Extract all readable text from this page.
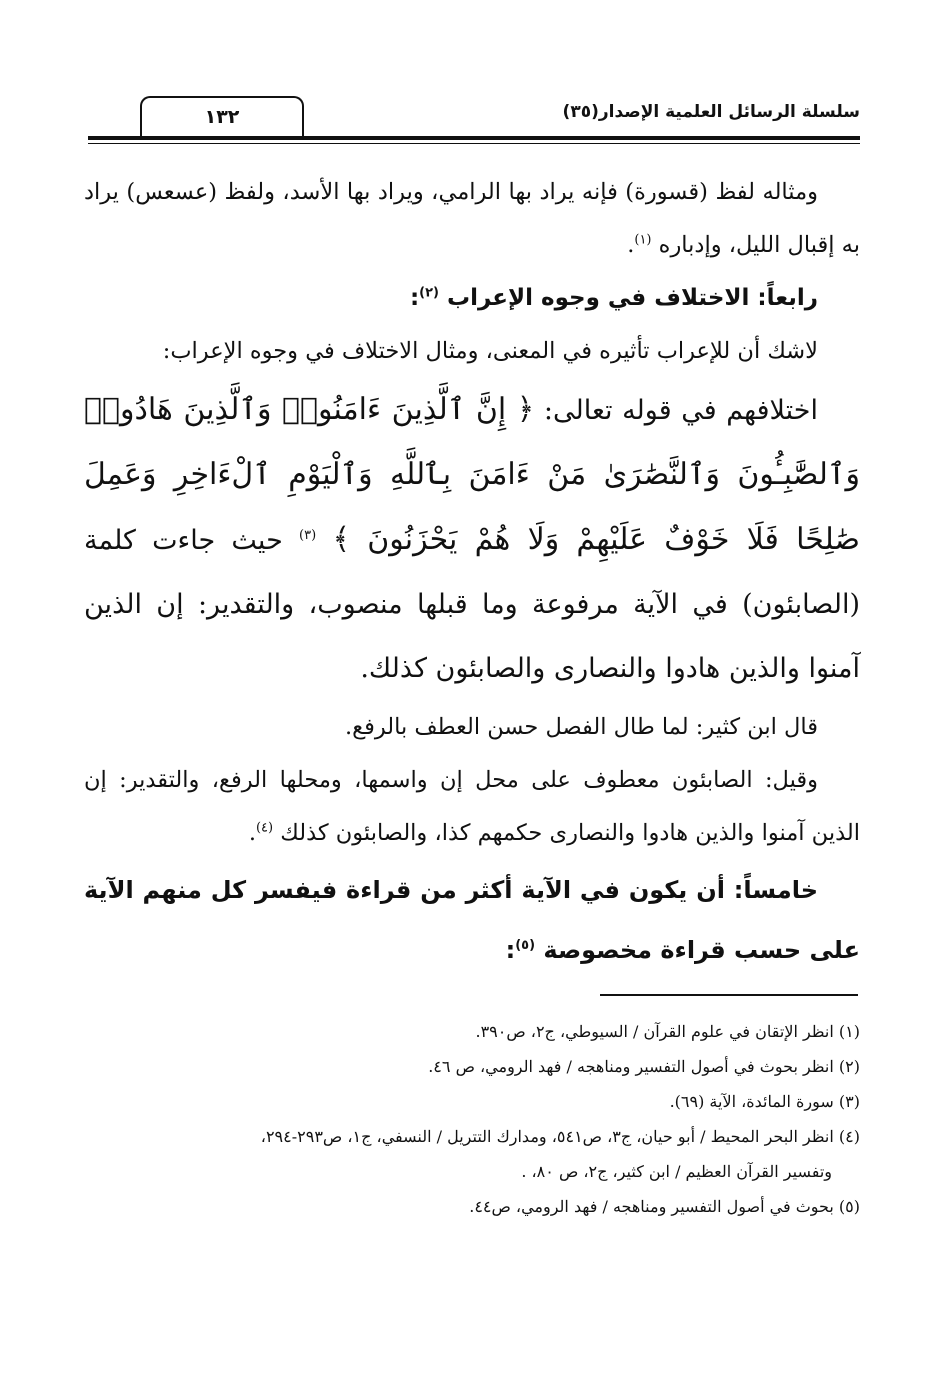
سلسلة الرسائل العلمية الإصدار(٣٥)
١٣٢

ومثاله لفظ (قسورة) فإنه يراد بها الرامي، ويراد بها الأسد، ولفظ (عسعس) يراد به إقبال الليل، وإدباره $^{(١)}$.

رابعاً: الاختلاف في وجوه الإعراب $^{(٢)}$:

لاشك أن للإعراب تأثيره في المعنى، ومثال الاختلاف في وجوه الإعراب:

اختلافهم في قوله تعالى: ﴿ إِنَّ ٱلَّذِينَ ءَامَنُوا۟ وَٱلَّذِينَ هَادُوا۟ وَٱلصَّٰبِـُٔونَ وَٱلنَّصَٰرَىٰ مَنْ ءَامَنَ بِٱللَّهِ وَٱلْيَوْمِ ٱلْءَاخِرِ وَعَمِلَ صَٰلِحًا فَلَا خَوْفٌ عَلَيْهِمْ وَلَا هُمْ يَحْزَنُونَ ﴾ $^{(٣)}$ حيث جاءت كلمة (الصابئون) في الآية مرفوعة وما قبلها منصوب، والتقدير: إن الذين آمنوا والذين هادوا والنصارى والصابئون كذلك.

قال ابن كثير: لما طال الفصل حسن العطف بالرفع.

وقيل: الصابئون معطوف على محل إن واسمها، ومحلها الرفع، والتقدير: إن الذين آمنوا والذين هادوا والنصارى حكمهم كذا، والصابئون كذلك $^{(٤)}$.

خامساً: أن يكون في الآية أكثر من قراءة فيفسر كل منهم الآية على حسب قراءة مخصوصة $^{(٥)}$:

(١) انظر الإتقان في علوم القرآن / السيوطي، ج٢، ص٣٩٠.

(٢) انظر بحوث في أصول التفسير ومناهجه / فهد الرومي، ص ٤٦.

(٣) سورة المائدة، الآية (٦٩).

(٤) انظر البحر المحيط / أبو حيان، ج٣، ص٥٤١، ومدارك التتريل / النسفي، ج١، ص٢٩٣-٢٩٤،

وتفسير القرآن العظيم / ابن كثير، ج٢، ص ٨٠، .

(٥) بحوث في أصول التفسير ومناهجه / فهد الرومي، ص٤٤.
